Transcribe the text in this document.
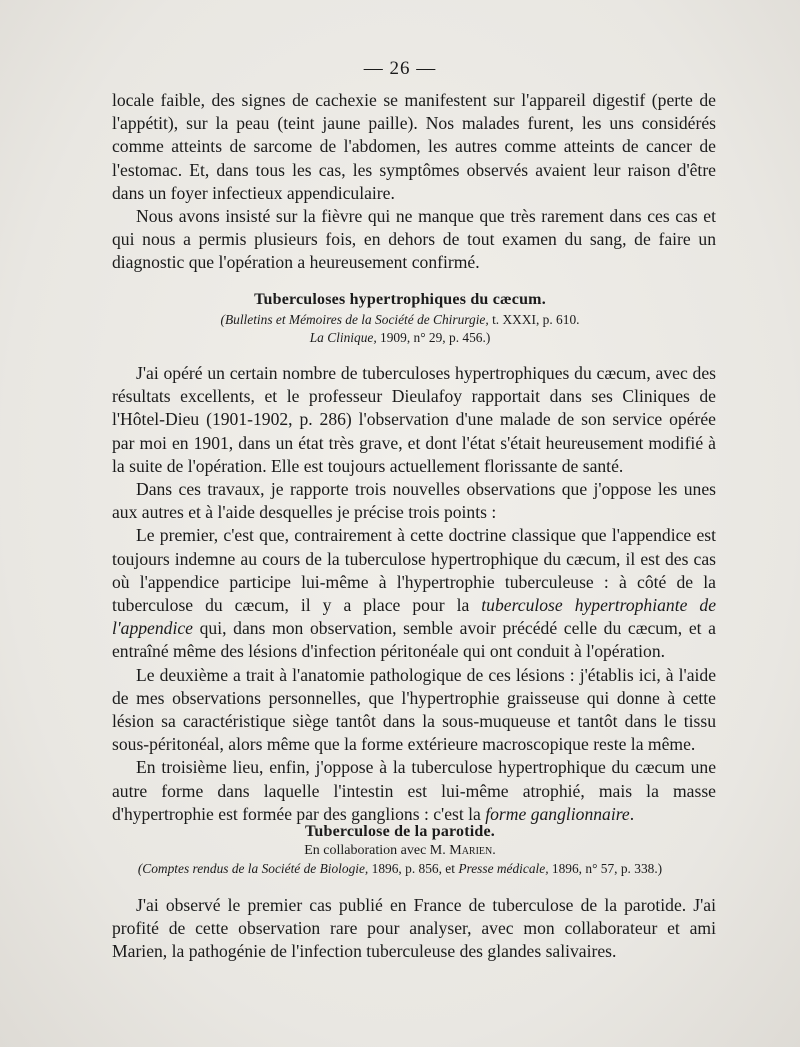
— 26 —

locale faible, des signes de cachexie se manifestent sur l'appareil digestif (perte de l'appétit), sur la peau (teint jaune paille). Nos malades furent, les uns considérés comme atteints de sarcome de l'abdomen, les autres comme atteints de cancer de l'estomac. Et, dans tous les cas, les symptômes observés avaient leur raison d'être dans un foyer infectieux appendiculaire.

Nous avons insisté sur la fièvre qui ne manque que très rarement dans ces cas et qui nous a permis plusieurs fois, en dehors de tout examen du sang, de faire un diagnostic que l'opération a heureusement confirmé.

Tuberculoses hypertrophiques du cæcum.
(Bulletins et Mémoires de la Société de Chirurgie, t. XXXI, p. 610.
La Clinique, 1909, n° 29, p. 456.)

J'ai opéré un certain nombre de tuberculoses hypertrophiques du cæcum, avec des résultats excellents, et le professeur Dieulafoy rapportait dans ses Cliniques de l'Hôtel-Dieu (1901-1902, p. 286) l'observation d'une malade de son service opérée par moi en 1901, dans un état très grave, et dont l'état s'était heureusement modifié à la suite de l'opération. Elle est toujours actuellement florissante de santé.

Dans ces travaux, je rapporte trois nouvelles observations que j'oppose les unes aux autres et à l'aide desquelles je précise trois points :

Le premier, c'est que, contrairement à cette doctrine classique que l'appendice est toujours indemne au cours de la tuberculose hypertrophique du cæcum, il est des cas où l'appendice participe lui-même à l'hypertrophie tuberculeuse : à côté de la tuberculose du cæcum, il y a place pour la tuberculose hypertrophiante de l'appendice qui, dans mon observation, semble avoir précédé celle du cæcum, et a entraîné même des lésions d'infection péritonéale qui ont conduit à l'opération.

Le deuxième a trait à l'anatomie pathologique de ces lésions : j'établis ici, à l'aide de mes observations personnelles, que l'hypertrophie graisseuse qui donne à cette lésion sa caractéristique siège tantôt dans la sous-muqueuse et tantôt dans le tissu sous-péritonéal, alors même que la forme extérieure macroscopique reste la même.

En troisième lieu, enfin, j'oppose à la tuberculose hypertrophique du cæcum une autre forme dans laquelle l'intestin est lui-même atrophié, mais la masse d'hypertrophie est formée par des ganglions : c'est la forme ganglionnaire.

Tuberculose de la parotide.
En collaboration avec M. Marien.
(Comptes rendus de la Société de Biologie, 1896, p. 856, et Presse médicale, 1896, n° 57, p. 338.)

J'ai observé le premier cas publié en France de tuberculose de la parotide. J'ai profité de cette observation rare pour analyser, avec mon collaborateur et ami Marien, la pathogénie de l'infection tuberculeuse des glandes salivaires.
